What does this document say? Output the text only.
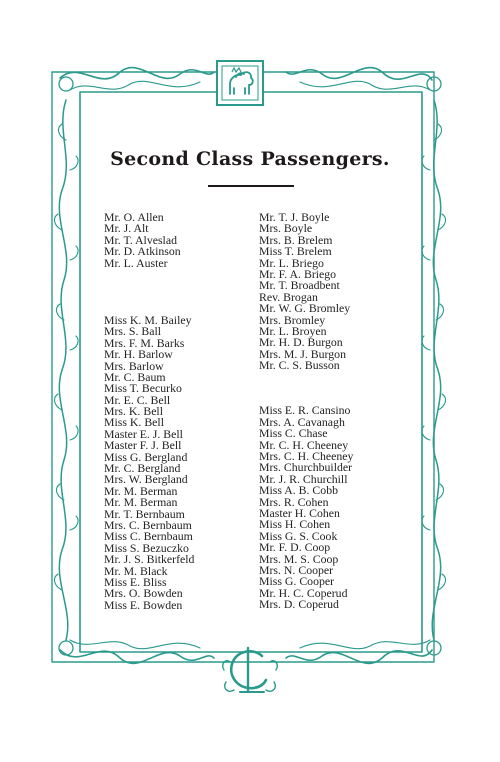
Second Class Passengers.
Mr. O. Allen
Mr. J. Alt
Mr. T. Alveslad
Mr. D. Atkinson
Mr. L. Auster
Miss K. M. Bailey
Mrs. S. Ball
Mrs. F. M. Barks
Mr. H. Barlow
Mrs. Barlow
Mr. C. Baum
Miss T. Becurko
Mr. E. C. Bell
Mrs. K. Bell
Miss K. Bell
Master E. J. Bell
Master F. J. Bell
Miss G. Bergland
Mr. C. Bergland
Mrs. W. Bergland
Mr. M. Berman
Mr. M. Berman
Mr. T. Bernbaum
Mrs. C. Bernbaum
Miss C. Bernbaum
Miss S. Bezuczko
Mr. J. S. Bitkerfeld
Mr. M. Black
Miss E. Bliss
Mrs. O. Bowden
Miss E. Bowden
Mr. T. J. Boyle
Mrs. Boyle
Mrs. B. Brelem
Miss T. Brelem
Mr. L. Briego
Mr. F. A. Briego
Mr. T. Broadbent
Rev. Brogan
Mr. W. G. Bromley
Mrs. Bromley
Mr. L. Broyen
Mr. H. D. Burgon
Mrs. M. J. Burgon
Mr. C. S. Busson
Miss E. R. Cansino
Mrs. A. Cavanagh
Miss C. Chase
Mr. C. H. Cheeney
Mrs. C. H. Cheeney
Mrs. Churchbuilder
Mr. J. R. Churchill
Miss A. B. Cobb
Mrs. R. Cohen
Master H. Cohen
Miss H. Cohen
Miss G. S. Cook
Mr. F. D. Coop
Mrs. M. S. Coop
Mrs. N. Cooper
Miss G. Cooper
Mr. H. C. Coperud
Mrs. D. Coperud
